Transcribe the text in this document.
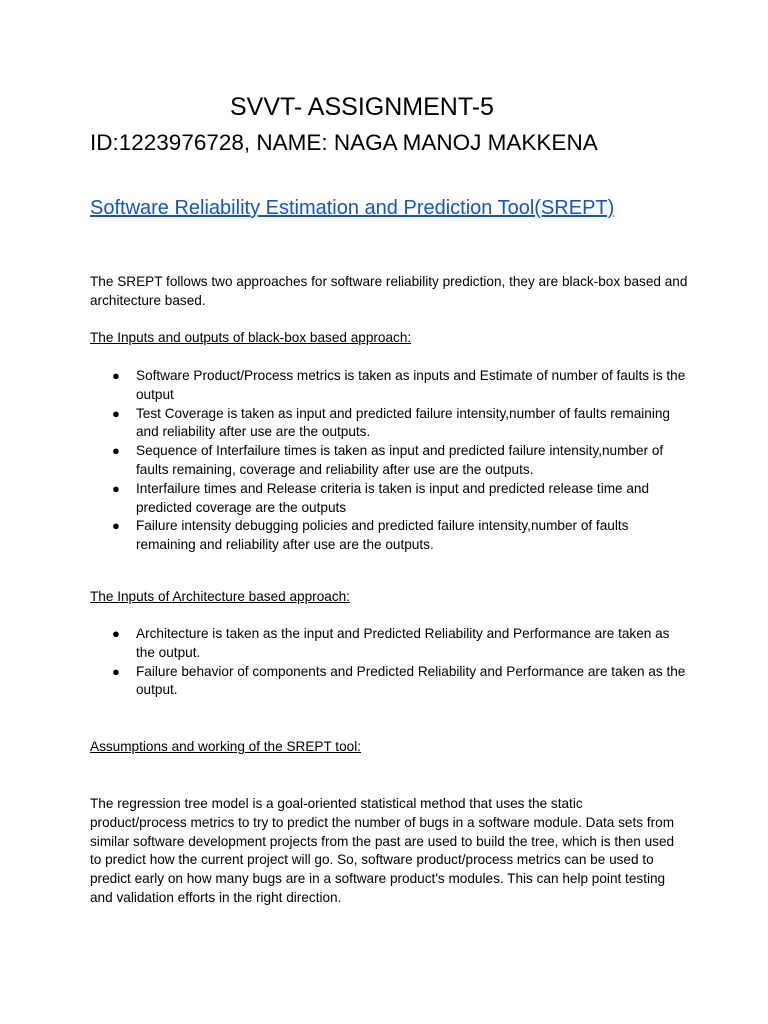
SVVT- ASSIGNMENT-5
ID:1223976728, NAME: NAGA MANOJ MAKKENA
Software Reliability Estimation and Prediction Tool(SREPT)
The SREPT follows two approaches for software reliability prediction, they are black-box based and architecture based.
The Inputs and outputs of black-box based approach:
● Software Product/Process metrics is taken as inputs and Estimate of number of faults is the output
● Test Coverage is taken as input and predicted failure intensity,number of faults remaining and reliability after use are the outputs.
● Sequence of Interfailure times is taken as input and predicted failure intensity,number of faults remaining, coverage and reliability after use are the outputs.
● Interfailure times and Release criteria is taken is input and predicted release time and predicted coverage are the outputs
● Failure intensity debugging policies and predicted failure intensity,number of faults remaining and reliability after use are the outputs.
The Inputs of Architecture based approach:
● Architecture is taken as the input and Predicted Reliability and Performance are taken as the output.
● Failure behavior of components and Predicted Reliability and Performance are taken as the output.
Assumptions and working of the SREPT tool:
The regression tree model is a goal-oriented statistical method that uses the static product/process metrics to try to predict the number of bugs in a software module. Data sets from similar software development projects from the past are used to build the tree, which is then used to predict how the current project will go. So, software product/process metrics can be used to predict early on how many bugs are in a software product's modules. This can help point testing and validation efforts in the right direction.
